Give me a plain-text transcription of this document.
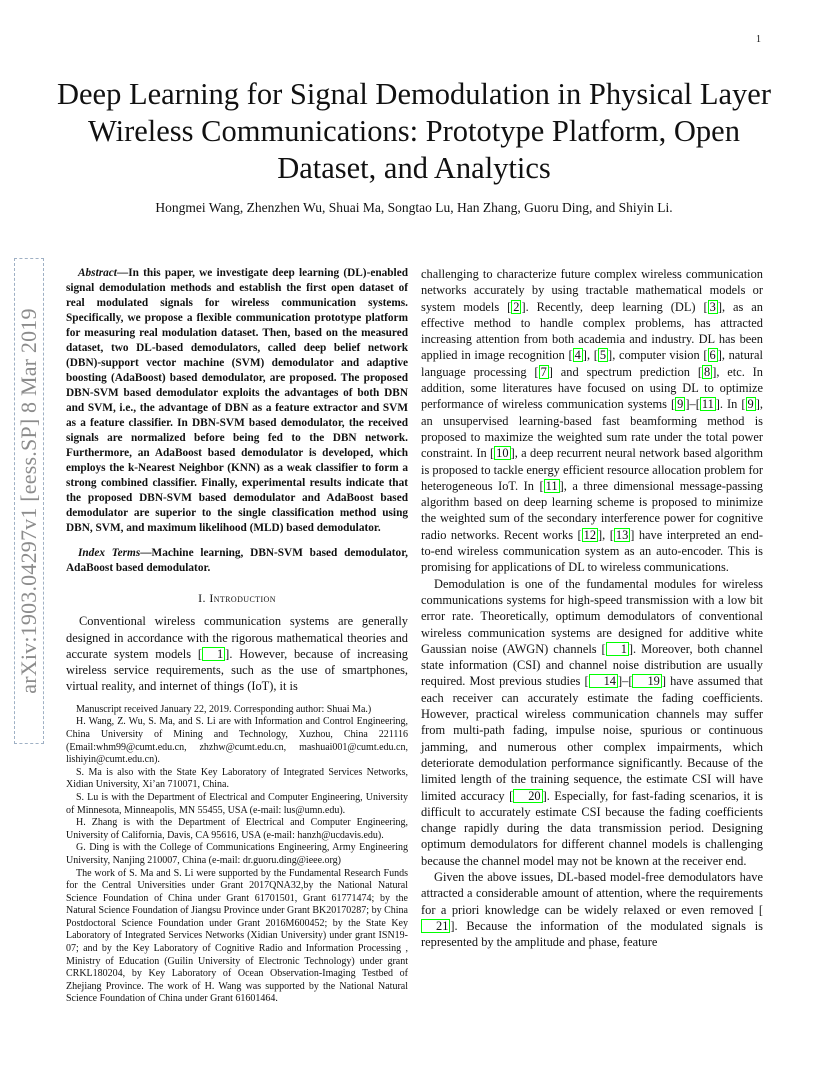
1
arXiv:1903.04297v1 [eess.SP] 8 Mar 2019
Deep Learning for Signal Demodulation in Physical Layer Wireless Communications: Prototype Platform, Open Dataset, and Analytics
Hongmei Wang, Zhenzhen Wu, Shuai Ma, Songtao Lu, Han Zhang, Guoru Ding, and Shiyin Li.

Abstract—In this paper, we investigate deep learning (DL)-enabled signal demodulation methods and establish the first open dataset of real modulated signals for wireless communication systems. Specifically, we propose a flexible communication prototype platform for measuring real modulation dataset. Then, based on the measured dataset, two DL-based demodulators, called deep belief network (DBN)-support vector machine (SVM) demodulator and adaptive boosting (AdaBoost) based demodulator, are proposed. The proposed DBN-SVM based demodulator exploits the advantages of both DBN and SVM, i.e., the advantage of DBN as a feature extractor and SVM as a feature classifier. In DBN-SVM based demodulator, the received signals are normalized before being fed to the DBN network. Furthermore, an AdaBoost based demodulator is developed, which employs the k-Nearest Neighbor (KNN) as a weak classifier to form a strong combined classifier. Finally, experimental results indicate that the proposed DBN-SVM based demodulator and AdaBoost based demodulator are superior to the single classification method using DBN, SVM, and maximum likelihood (MLD) based demodulator.

Index Terms—Machine learning, DBN-SVM based demodulator, AdaBoost based demodulator.

I. Introduction

Conventional wireless communication systems are generally designed in accordance with the rigorous mathematical theories and accurate system models [ 1 ]. However, because of increasing wireless service requirements, such as the use of smartphones, virtual reality, and internet of things (IoT), it is

Manuscript received January 22, 2019. Corresponding author: Shuai Ma.)

H. Wang, Z. Wu, S. Ma, and S. Li are with Information and Control Engineering, China University of Mining and Technology, Xuzhou, China 221116 (Email:whm99@cumt.edu.cn, zhzhw@cumt.edu.cn, mashuai001@cumt.edu.cn, lishiyin@cumt.edu.cn).

S. Ma is also with the State Key Laboratory of Integrated Services Networks, Xidian University, Xi’an 710071, China.

S. Lu is with the Department of Electrical and Computer Engineering, University of Minnesota, Minneapolis, MN 55455, USA (e-mail: lus@umn.edu).

H. Zhang is with the Department of Electrical and Computer Engineering, University of California, Davis, CA 95616, USA (e-mail: hanzh@ucdavis.edu).

G. Ding is with the College of Communications Engineering, Army Engineering University, Nanjing 210007, China (e-mail: dr.guoru.ding@ieee.org)

The work of S. Ma and S. Li were supported by the Fundamental Research Funds for the Central Universities under Grant 2017QNA32,by the National Natural Science Foundation of China under Grant 61701501, Grant 61771474; by the Natural Science Foundation of Jiangsu Province under Grant BK20170287; by China Postdoctoral Science Foundation under Grant 2016M600452; by the State Key Laboratory of Integrated Services Networks (Xidian University) under grant ISN19-07; and by the Key Laboratory of Cognitive Radio and Information Processing , Ministry of Education (Guilin University of Electronic Technology) under grant CRKL180204, by Key Laboratory of Ocean Observation-Imaging Testbed of Zhejiang Province. The work of H. Wang was supported by the National Natural Science Foundation of China under Grant 61601464.

challenging to characterize future complex wireless communication networks accurately by using tractable mathematical models or system models [ 2 ]. Recently, deep learning (DL) [ 3 ], as an effective method to handle complex problems, has attracted increasing attention from both academia and industry. DL has been applied in image recognition [ 4 ], [ 5 ], computer vision [ 6 ], natural language processing [ 7 ] and spectrum prediction [ 8 ], etc. In addition, some literatures have focused on using DL to optimize performance of wireless communication systems [ 9 ]–[ 11 ]. In [ 9 ], an unsupervised learning-based fast beamforming method is proposed to maximize the weighted sum rate under the total power constraint. In [ 10 ], a deep recurrent neural network based algorithm is proposed to tackle energy efficient resource allocation problem for heterogeneous IoT. In [ 11 ], a three dimensional message-passing algorithm based on deep learning scheme is proposed to minimize the weighted sum of the secondary interference power for cognitive radio networks. Recent works [ 12 ], [ 13 ] have interpreted an end-to-end wireless communication system as an auto-encoder. This is promising for applications of DL to wireless communications.

Demodulation is one of the fundamental modules for wireless communications systems for high-speed transmission with a low bit error rate. Theoretically, optimum demodulators of conventional wireless communication systems are designed for additive white Gaussian noise (AWGN) channels [ 1 ]. Moreover, both channel state information (CSI) and channel noise distribution are usually required. Most previous studies [ 14 ]–[ 19 ] have assumed that each receiver can accurately estimate the fading coefficients. However, practical wireless communication channels may suffer from multi-path fading, impulse noise, spurious or continuous jamming, and numerous other complex impairments, which deteriorate demodulation performance significantly. Because of the limited length of the training sequence, the estimate CSI will have limited accuracy [ 20 ]. Especially, for fast-fading scenarios, it is difficult to accurately estimate CSI because the fading coefficients change rapidly during the data transmission period. Designing optimum demodulators for different channel models is challenging because the channel model may not be known at the receiver end.

Given the above issues, DL-based model-free demodulators have attracted a considerable amount of attention, where the requirements for a priori knowledge can be widely relaxed or even removed [21 ]. Because the information of the modulated signals is represented by the amplitude and phase, feature
